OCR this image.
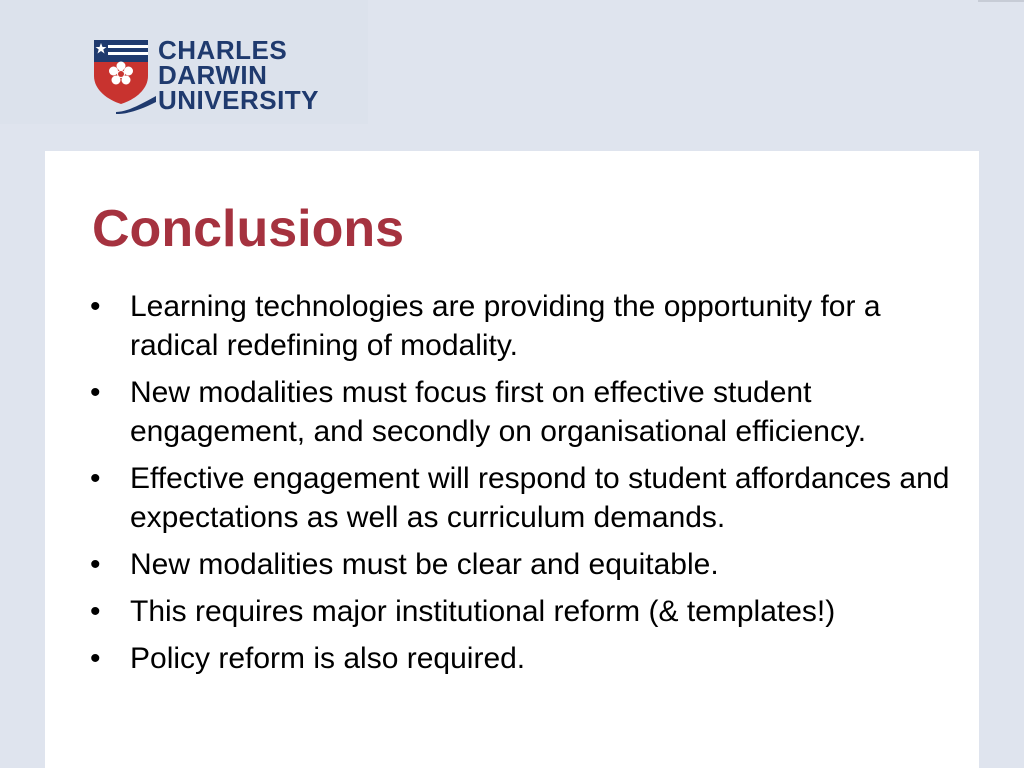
CHARLES
DARWIN
UNIVERSITY
Conclusions
• Learning technologies are providing the opportunity for a radical redefining of modality.
• New modalities must focus first on effective student engagement, and secondly on organisational efficiency.
• Effective engagement will respond to student affordances and expectations as well as curriculum demands.
• New modalities must be clear and equitable.
• This requires major institutional reform (& templates!)
• Policy reform is also required.
